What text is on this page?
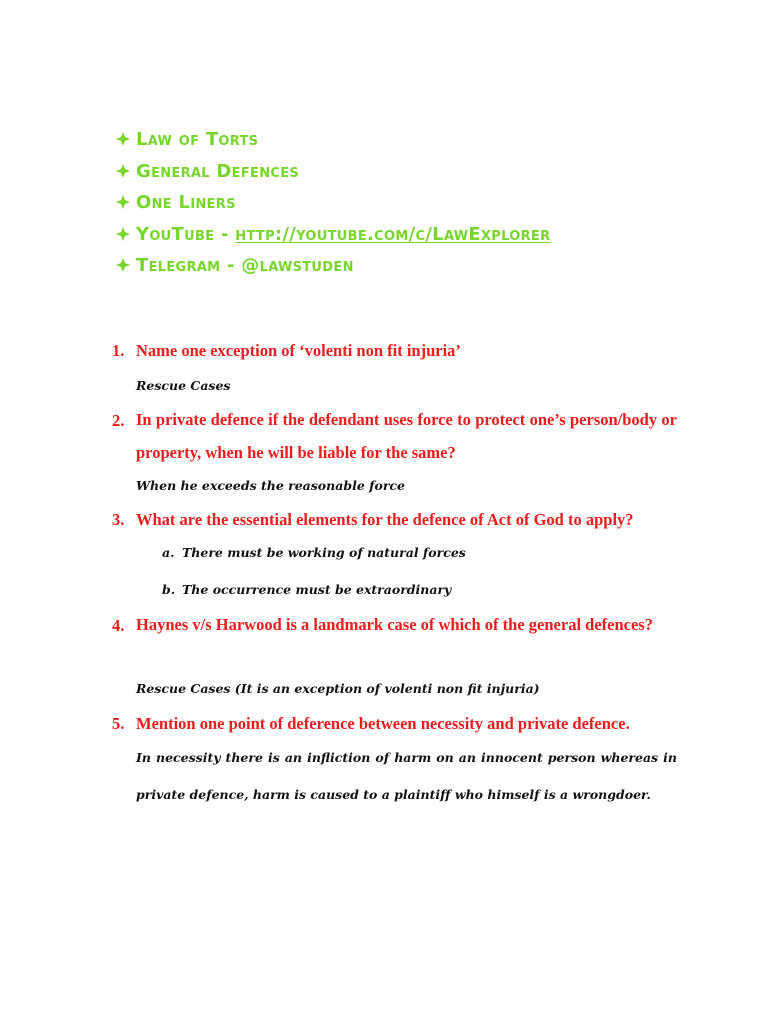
Law of Torts
General Defences
One Liners
YouTube - http://youtube.com/c/LawExplorer
Telegram - @lawstuden
1. Name one exception of ‘volenti non fit injuria’
Rescue Cases
2. In private defence if the defendant uses force to protect one’s person/body or property, when he will be liable for the same?
When he exceeds the reasonable force
3. What are the essential elements for the defence of Act of God to apply?
a. There must be working of natural forces
b. The occurrence must be extraordinary
4. Haynes v/s Harwood is a landmark case of which of the general defences?
Rescue Cases (It is an exception of volenti non fit injuria)
5. Mention one point of deference between necessity and private defence.
In necessity there is an infliction of harm on an innocent person whereas in private defence, harm is caused to a plaintiff who himself is a wrongdoer.
